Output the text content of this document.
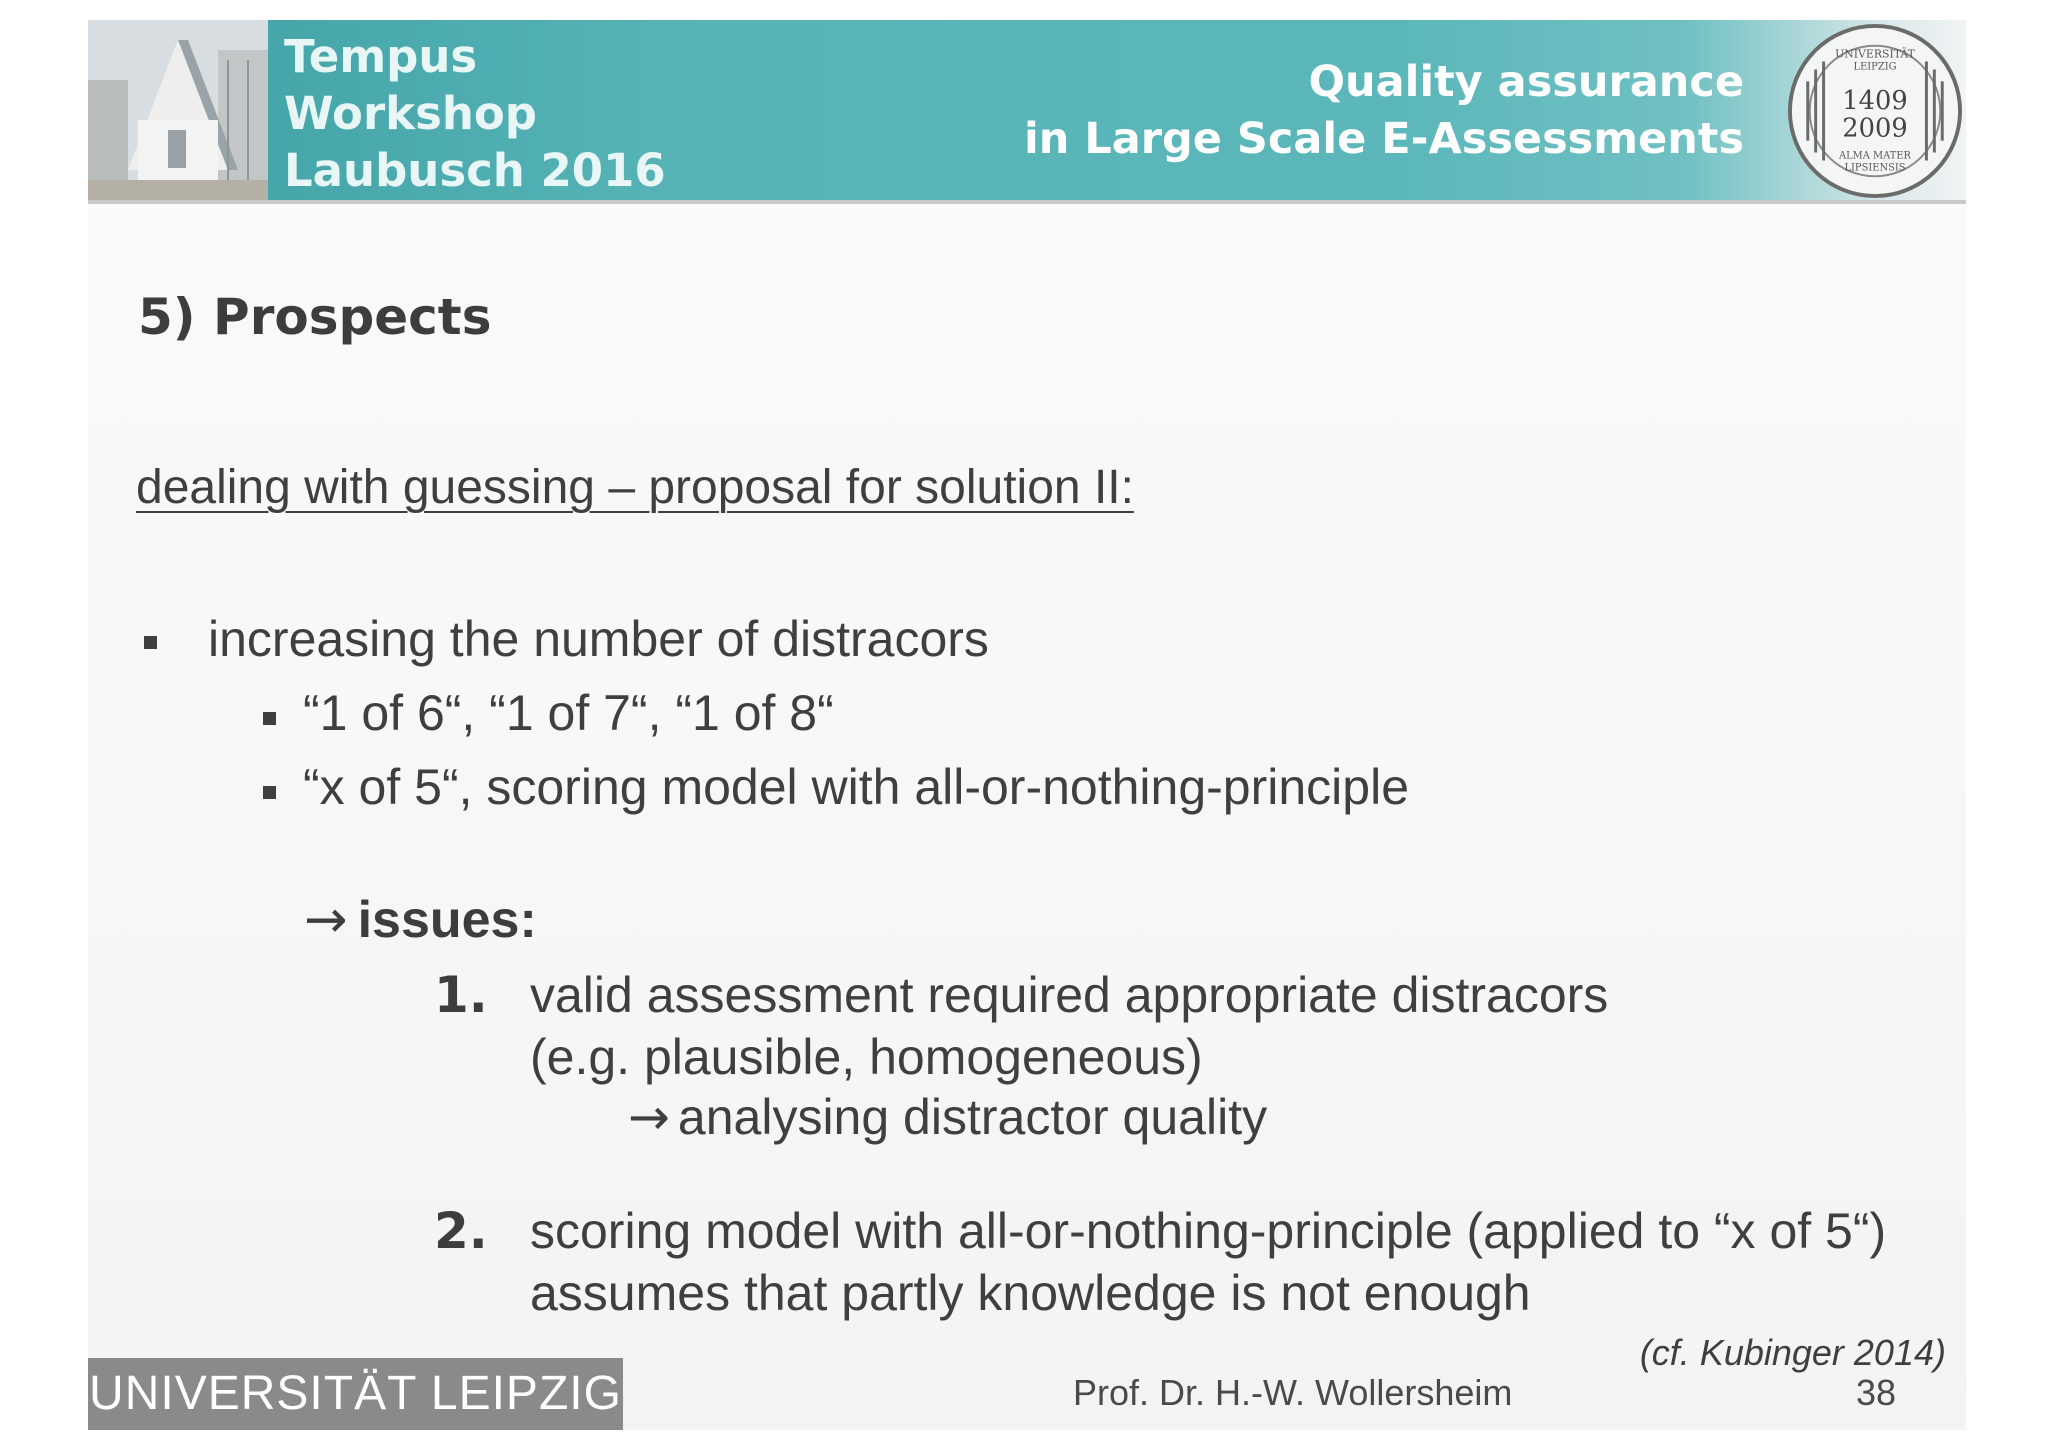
Tempus
Workshop
Laubusch 2016
Quality assurance
in Large Scale E-Assessments
UNIVERSITÄT
LEIPZIG
1409
2009
ALMA MATER
LIPSIENSIS
5) Prospects
dealing with guessing – proposal for solution II:
increasing the number of distracors
“1 of 6“, “1 of 7“, “1 of 8“
“x of 5“, scoring model with all-or-nothing-principle
→ issues:
1. valid assessment required appropriate distracors
(e.g. plausible, homogeneous)
→ analysing distractor quality
2. scoring model with all-or-nothing-principle (applied to “x of 5“)
assumes that partly knowledge is not enough
(cf. Kubinger 2014)
UNIVERSITÄT LEIPZIG	Prof. Dr. H.-W. Wollersheim	38
